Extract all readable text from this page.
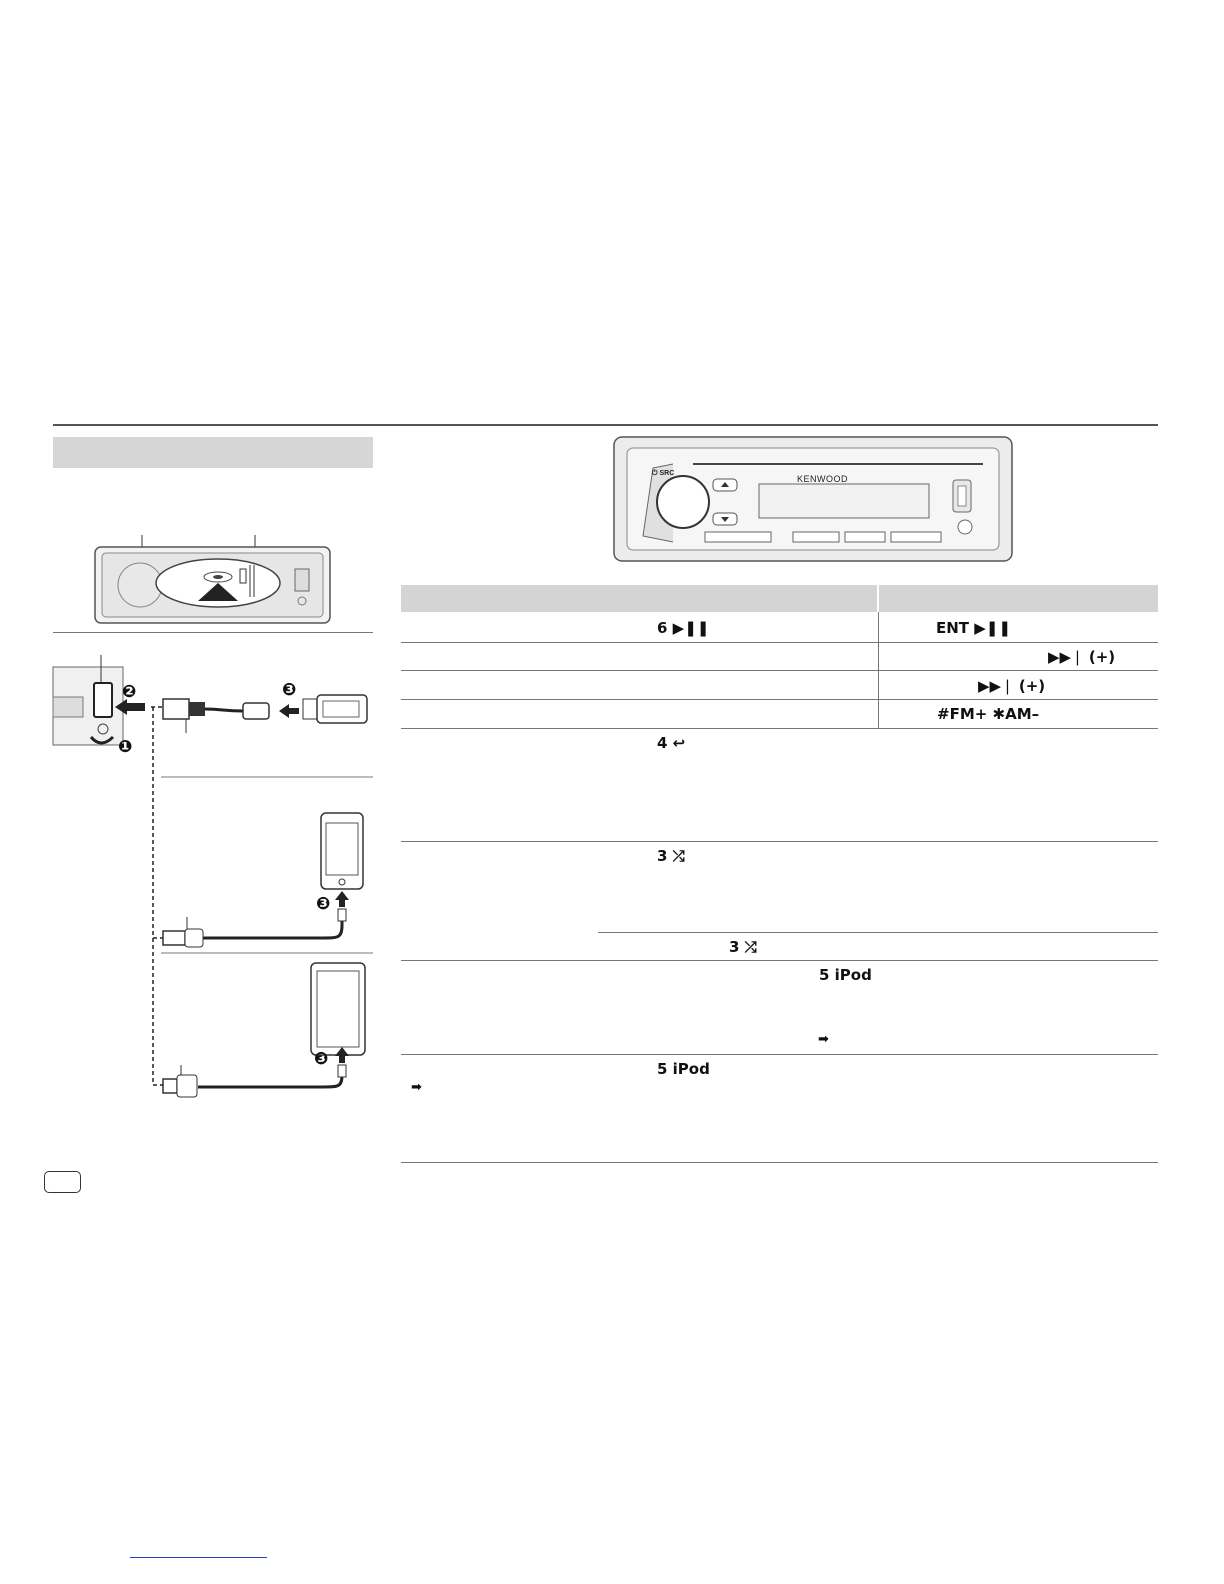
❷	❸
❶
❸
❸
KENWOOD
⏻ SRC
6 ▶❚❚	ENT ▶❚❚
▶▶❘ (+)
▶▶❘ (+)
#FM+ ✱AM–
4 ↩
3 ⤮
3 ⤮
5 iPod
➡
5 iPod
➡
